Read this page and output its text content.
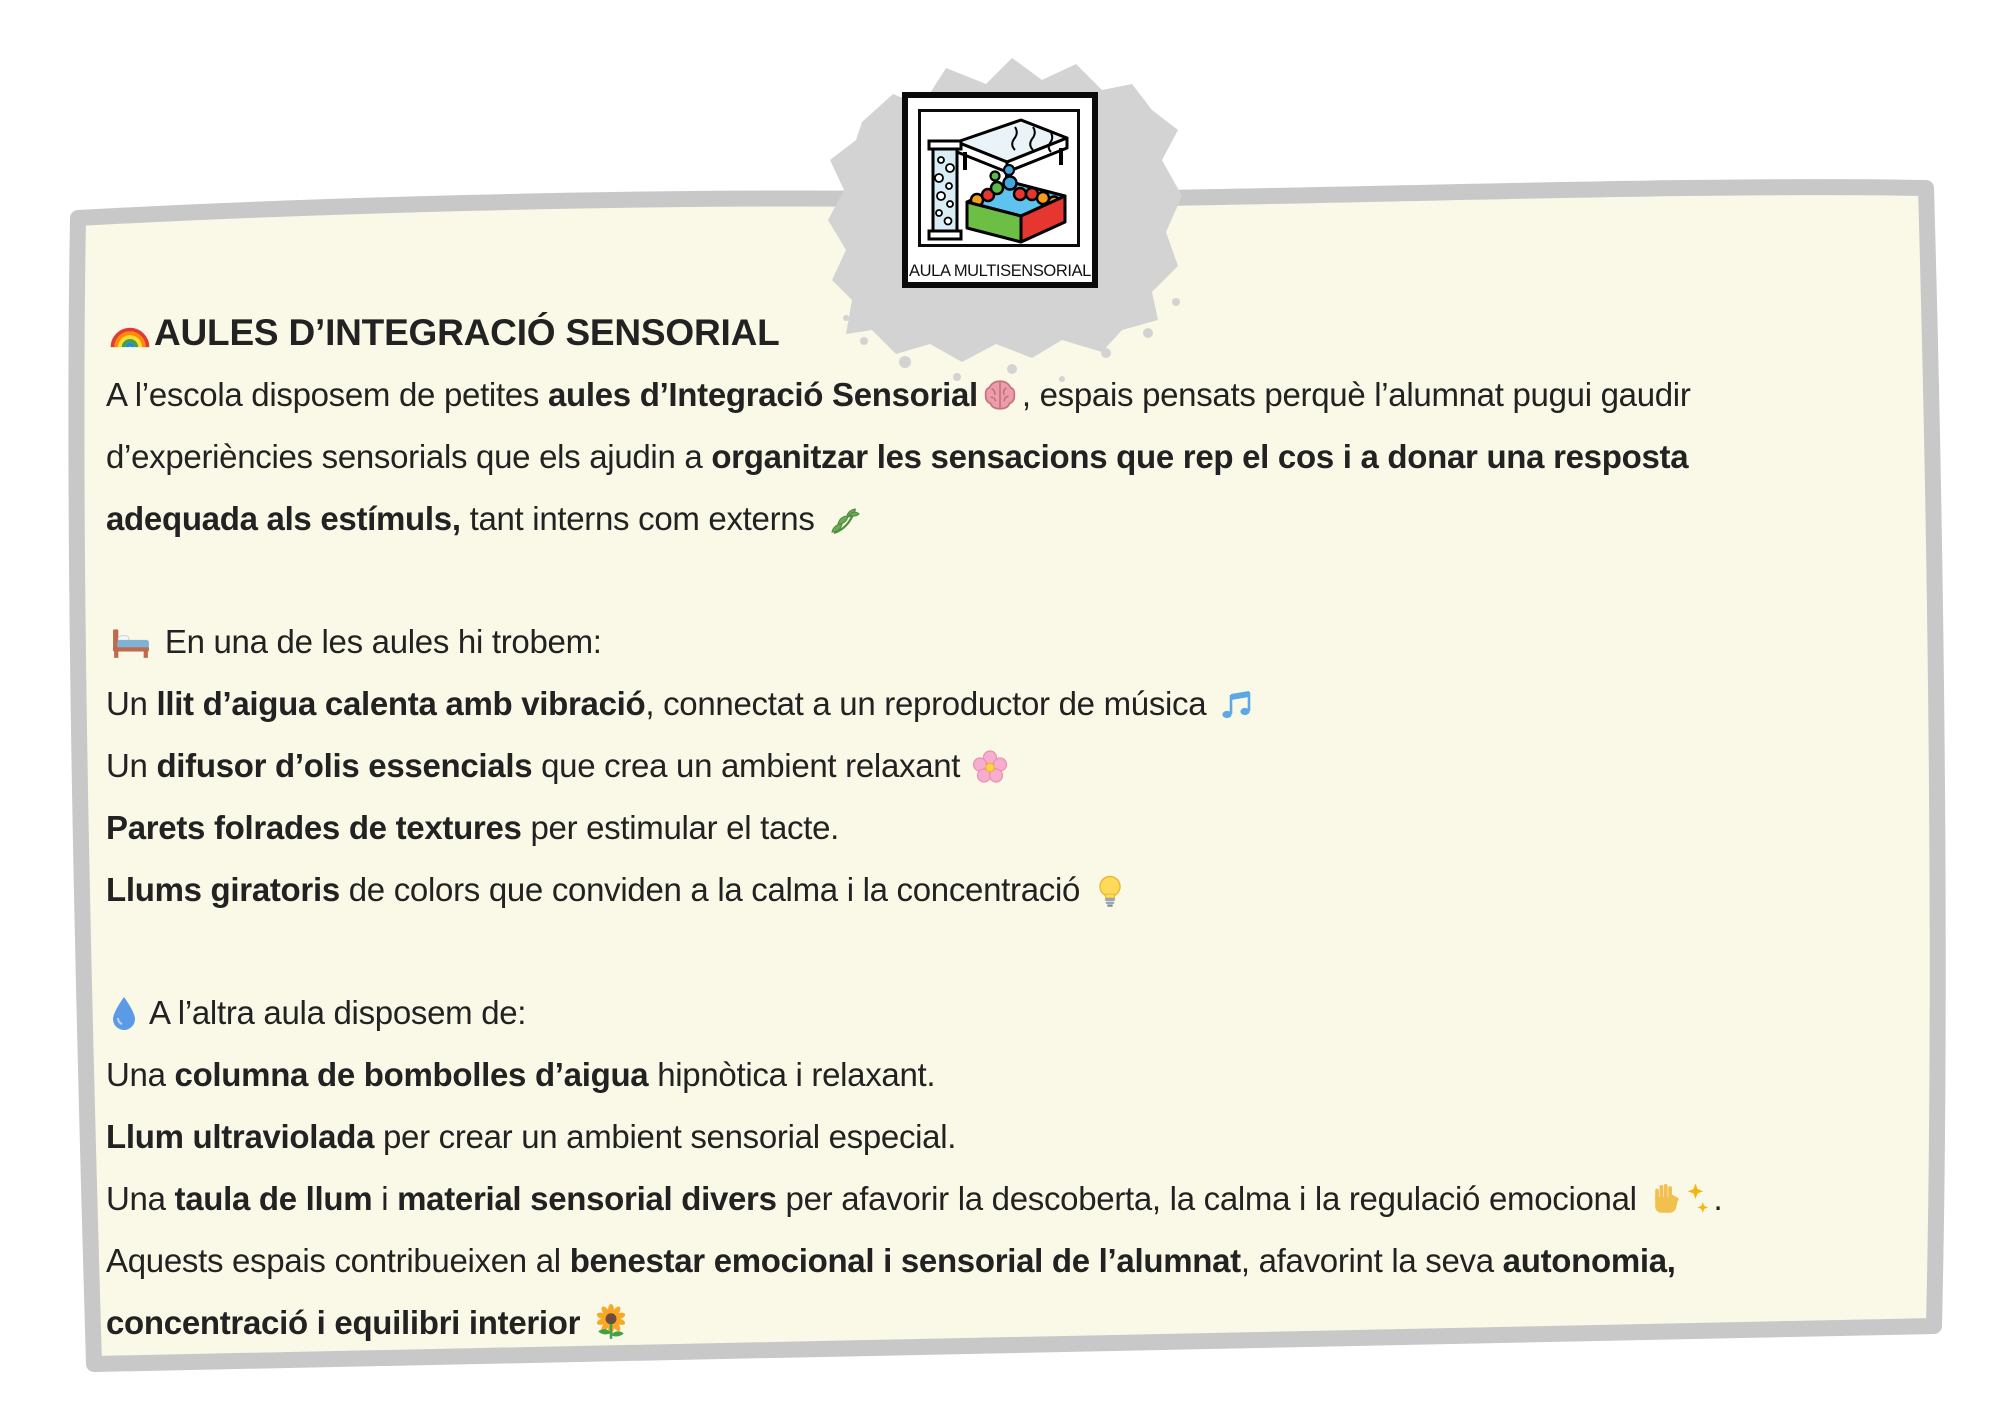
AULA MULTISENSORIAL
AULES D’INTEGRACIÓ SENSORIAL
A l’escola disposem de petites aules d’Integració Sensorial , espais pensats perquè l’alumnat pugui gaudir
d’experiències sensorials que els ajudin a organitzar les sensacions que rep el cos i a donar una resposta
adequada als estímuls, tant interns com externs
En una de les aules hi trobem:
Un llit d’aigua calenta amb vibració, connectat a un reproductor de música
Un difusor d’olis essencials que crea un ambient relaxant
Parets folrades de textures per estimular el tacte.
Llums giratoris de colors que conviden a la calma i la concentració
A l’altra aula disposem de:
Una columna de bombolles d’aigua hipnòtica i relaxant.
Llum ultraviolada per crear un ambient sensorial especial.
Una taula de llum i material sensorial divers per afavorir la descoberta, la calma i la regulació emocional .
Aquests espais contribueixen al benestar emocional i sensorial de l’alumnat, afavorint la seva autonomia,
concentració i equilibri interior
